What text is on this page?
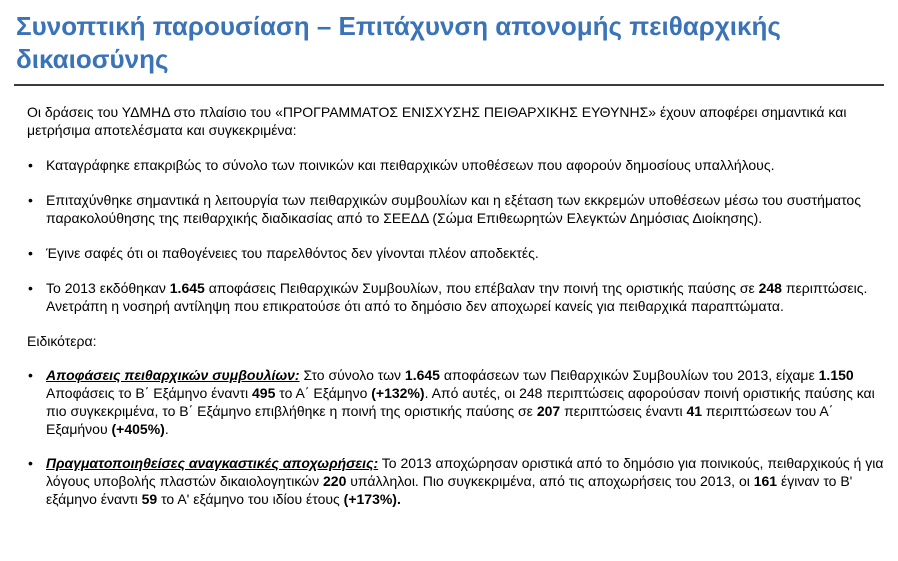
Συνοπτική παρουσίαση – Επιτάχυνση απονομής πειθαρχικής δικαιοσύνης

Οι δράσεις του ΥΔΜΗΔ στο πλαίσιο του «ΠΡΟΓΡΑΜΜΑΤΟΣ ΕΝΙΣΧΥΣΗΣ ΠΕΙΘΑΡΧΙΚΗΣ ΕΥΘΥΝΗΣ» έχουν αποφέρει σημαντικά και μετρήσιμα αποτελέσματα και συγκεκριμένα:

• Καταγράφηκε επακριβώς το σύνολο των ποινικών και πειθαρχικών υποθέσεων που αφορούν δημοσίους υπαλλήλους.
• Επιταχύνθηκε σημαντικά η λειτουργία των πειθαρχικών συμβουλίων και η εξέταση των εκκρεμών υποθέσεων μέσω του συστήματος παρακολούθησης της πειθαρχικής διαδικασίας από το ΣΕΕΔΔ (Σώμα Επιθεωρητών Ελεγκτών Δημόσιας Διοίκησης).
• Έγινε σαφές ότι οι παθογένειες του παρελθόντος δεν γίνονται πλέον αποδεκτές.
• Το 2013 εκδόθηκαν 1.645 αποφάσεις Πειθαρχικών Συμβουλίων, που επέβαλαν την ποινή της οριστικής παύσης σε 248 περιπτώσεις. Ανετράπη η νοσηρή αντίληψη που επικρατούσε ότι από το δημόσιο δεν αποχωρεί κανείς για πειθαρχικά παραπτώματα.

Ειδικότερα:

• Αποφάσεις πειθαρχικών συμβουλίων: Στο σύνολο των 1.645 αποφάσεων των Πειθαρχικών Συμβουλίων του 2013, είχαμε 1.150 Αποφάσεις το Β΄ Εξάμηνο έναντι 495 το Α΄ Εξάμηνο (+132%). Από αυτές, οι 248 περιπτώσεις αφορούσαν ποινή οριστικής παύσης και πιο συγκεκριμένα, το Β΄ Εξάμηνο επιβλήθηκε η ποινή της οριστικής παύσης σε 207 περιπτώσεις έναντι 41 περιπτώσεων του Α΄ Εξαμήνου (+405%).
• Πραγματοποιηθείσες αναγκαστικές αποχωρήσεις: Το 2013 αποχώρησαν οριστικά από το δημόσιο για ποινικούς, πειθαρχικούς ή για λόγους υποβολής πλαστών δικαιολογητικών 220 υπάλληλοι. Πιο συγκεκριμένα, από τις αποχωρήσεις του 2013, οι 161 έγιναν το Β' εξάμηνο έναντι 59 το Α' εξάμηνο του ιδίου έτους (+173%).
